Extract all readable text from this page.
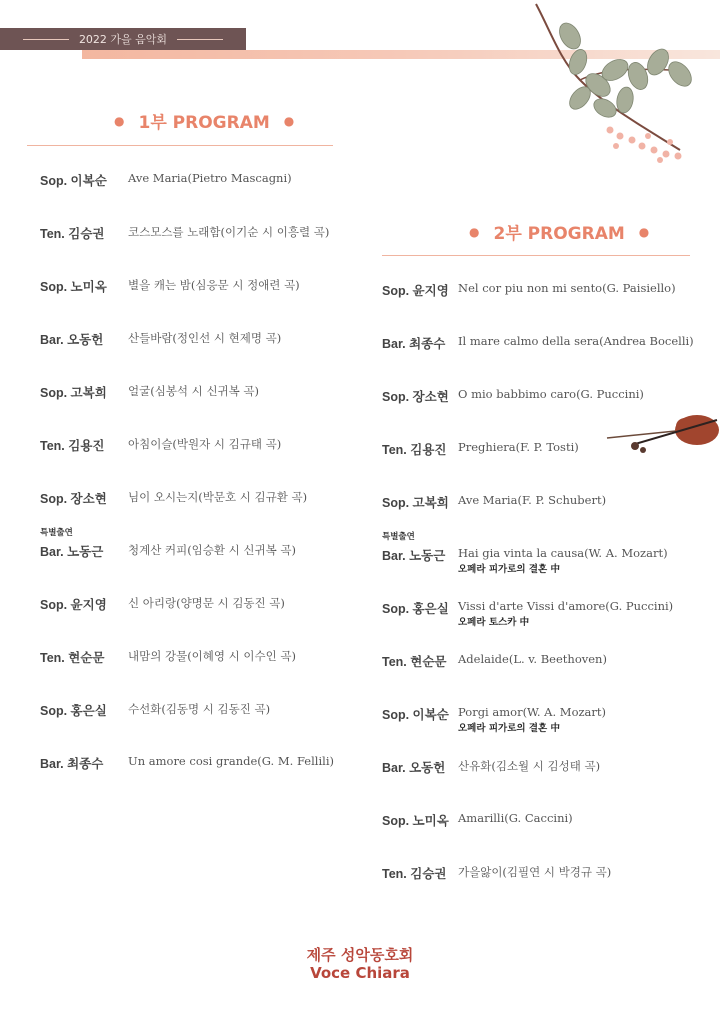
2022 가을 음악회
● 1부 PROGRAM ●
Sop. 이복순 Ave Maria(Pietro Mascagni)
Ten. 김승권 코스모스를 노래함(이기순 시 이흥렬 곡)
Sop. 노미옥 별을 캐는 밤(심응문 시 정애련 곡)
Bar. 오동헌 산들바람(정인선 시 현제명 곡)
Sop. 고복희 얼굴(심봉석 시 신귀복 곡)
Ten. 김용진 아침이슬(박원자 시 김규태 곡)
Sop. 장소현 님이 오시는지(박문호 시 김규환 곡)
특별출연
Bar. 노동근 청계산 커피(임승환 시 신귀복 곡)
Sop. 윤지영 신 아리랑(양명문 시 김동진 곡)
Ten. 현순문 내맘의 강물(이혜영 시 이수인 곡)
Sop. 홍은실 수선화(김동명 시 김동진 곡)
Bar. 최종수 Un amore cosi grande(G. M. Fellili)
● 2부 PROGRAM ●
Sop. 윤지영 Nel cor piu non mi sento(G. Paisiello)
Bar. 최종수 Il mare calmo della sera(Andrea Bocelli)
Sop. 장소현 O mio babbimo caro(G. Puccini)
Ten. 김용진 Preghiera(F. P. Tosti)
Sop. 고복희 Ave Maria(F. P. Schubert)
특별출연
Bar. 노동근 Hai gia vinta la causa(W. A. Mozart)
오페라 피가로의 결혼 中
Sop. 홍은실 Vissi d'arte Vissi d'amore(G. Puccini)
오페라 토스카 中
Ten. 현순문 Adelaide(L. v. Beethoven)
Sop. 이복순 Porgi amor(W. A. Mozart)
오페라 피가로의 결혼 中
Bar. 오동헌 산유화(김소월 시 김성태 곡)
Sop. 노미옥 Amarilli(G. Caccini)
Ten. 김승권 가을앓이(김필연 시 박경규 곡)
제주 성악동호회
Voce Chiara
